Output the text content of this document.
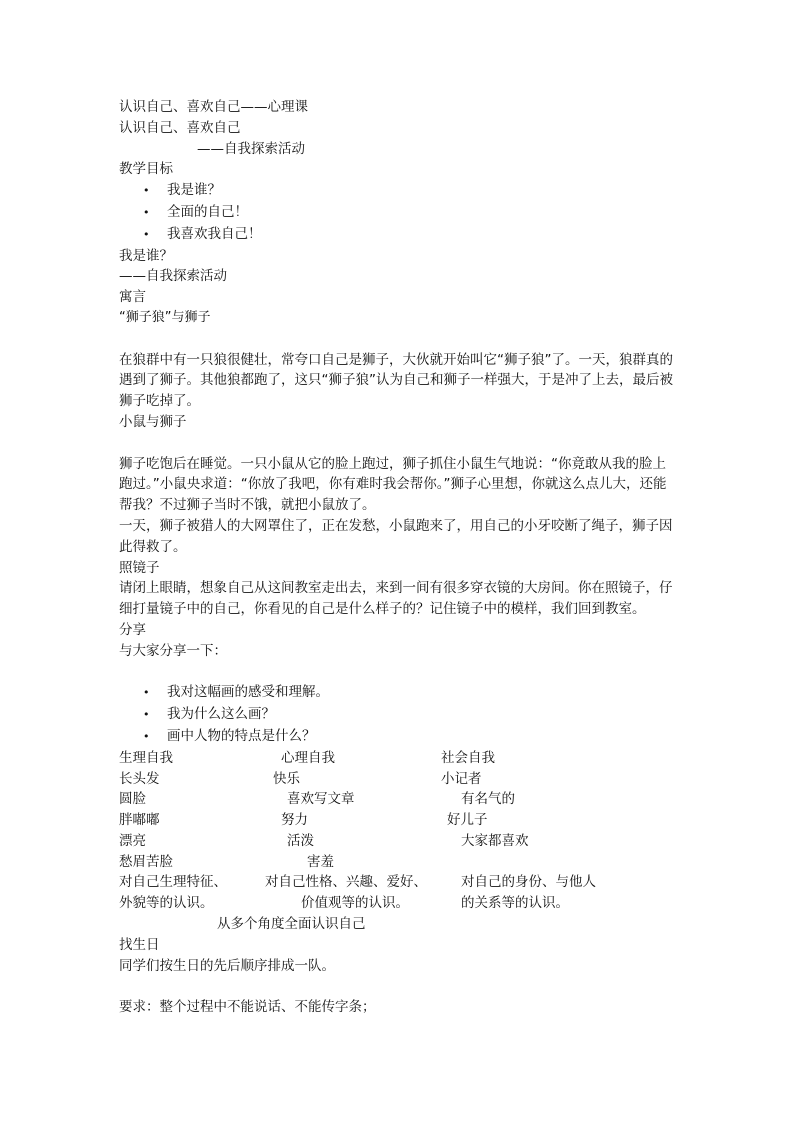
认识自己、喜欢自己——心理课

认识自己、喜欢自己

——自我探索活动

教学目标

• 我是谁？

• 全面的自己！

• 我喜欢我自己！

我是谁？

——自我探索活动

寓言

“狮子狼”与狮子

在狼群中有一只狼很健壮，常夸口自己是狮子，大伙就开始叫它“狮子狼”了。一天，狼群真的遇到了狮子。其他狼都跑了，这只“狮子狼”认为自己和狮子一样强大，于是冲了上去，最后被狮子吃掉了。

小鼠与狮子

狮子吃饱后在睡觉。一只小鼠从它的脸上跑过，狮子抓住小鼠生气地说：“你竟敢从我的脸上跑过。”小鼠央求道：“你放了我吧，你有难时我会帮你。”狮子心里想，你就这么点儿大，还能帮我？不过狮子当时不饿，就把小鼠放了。

一天，狮子被猎人的大网罩住了，正在发愁，小鼠跑来了，用自己的小牙咬断了绳子，狮子因此得救了。

照镜子

请闭上眼睛，想象自己从这间教室走出去，来到一间有很多穿衣镜的大房间。你在照镜子，仔细打量镜子中的自己，你看见的自己是什么样子的？记住镜子中的模样，我们回到教室。

分享

与大家分享一下：

• 我对这幅画的感受和理解。

• 我为什么这么画？

• 画中人物的特点是什么？

生理自我	心理自我	社会自我
长头发	快乐	小记者
圆脸	喜欢写文章	有名气的
胖嘟嘟	努力	好儿子
漂亮	活泼	大家都喜欢
愁眉苦脸	害羞
对自己生理特征、	对自己性格、兴趣、爱好、	对自己的身份、与他人
外貌等的认识。	价值观等的认识。	的关系等的认识。

从多个角度全面认识自己

找生日

同学们按生日的先后顺序排成一队。

要求：整个过程中不能说话、不能传字条；
